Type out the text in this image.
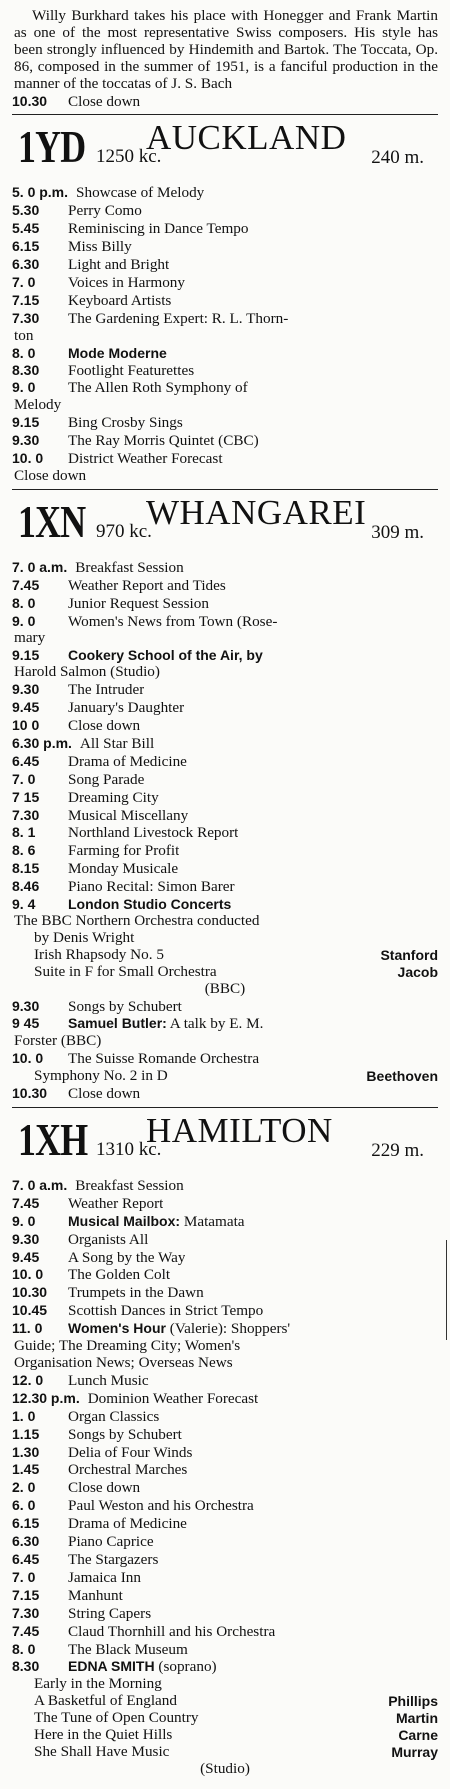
Willy Burkhard takes his place with Honegger and Frank Martin as one of the most representative Swiss composers. His style has been strongly influenced by Hindemith and Bartok. The Toccata, Op. 86, composed in the summer of 1951, is a fanciful production in the manner of the toccatas of J. S. Bach

10.30	Close down
1YD 1250 kc.
AUCKLAND
240 m.
5. 0 p.m. Showcase of Melody
5.30	Perry Como
5.45	Reminiscing in Dance Tempo
6.15	Miss Billy
6.30	Light and Bright
7. 0	Voices in Harmony
7.15	Keyboard Artists
7.30	The Gardening Expert: R. L. Thorn-
ton
8. 0	Mode Moderne
8.30	Footlight Featurettes
9. 0	The Allen Roth Symphony of
Melody
9.15	Bing Crosby Sings
9.30	The Ray Morris Quintet (CBC)
10. 0	District Weather Forecast
Close down
1XN 970 kc.
WHANGAREI
309 m.
7. 0 a.m. Breakfast Session
7.45	Weather Report and Tides
8. 0	Junior Request Session
9. 0	Women's News from Town (Rose-
mary
9.15	Cookery School of the Air, by
Harold Salmon (Studio)
9.30	The Intruder
9.45	January's Daughter
10 0	Close down
6.30 p.m. All Star Bill
6.45	Drama of Medicine
7. 0	Song Parade
7 15	Dreaming City
7.30	Musical Miscellany
8. 1	Northland Livestock Report
8. 6	Farming for Profit
8.15	Monday Musicale
8.46	Piano Recital: Simon Barer
9. 4	London Studio Concerts
The BBC Northern Orchestra conducted
by Denis Wright
Irish Rhapsody No. 5	Stanford
Suite in F for Small Orchestra	Jacob
(BBC)
9.30	Songs by Schubert
9 45	Samuel Butler: A talk by E. M.
Forster (BBC)
10. 0	The Suisse Romande Orchestra
Symphony No. 2 in D	Beethoven
10.30	Close down
1XH 1310 kc.
HAMILTON
229 m.
7. 0 a.m. Breakfast Session
7.45	Weather Report
9. 0	Musical Mailbox: Matamata
9.30	Organists All
9.45	A Song by the Way
10. 0	The Golden Colt
10.30	Trumpets in the Dawn
10.45	Scottish Dances in Strict Tempo
11. 0	Women's Hour (Valerie): Shoppers'
Guide; The Dreaming City; Women's
Organisation News; Overseas News
12. 0	Lunch Music
12.30 p.m. Dominion Weather Forecast
1. 0	Organ Classics
1.15	Songs by Schubert
1.30	Delia of Four Winds
1.45	Orchestral Marches
2. 0	Close down
6. 0	Paul Weston and his Orchestra
6.15	Drama of Medicine
6.30	Piano Caprice
6.45	The Stargazers
7. 0	Jamaica Inn
7.15	Manhunt
7.30	String Capers
7.45	Claud Thornhill and his Orchestra
8. 0	The Black Museum
8.30	EDNA SMITH (soprano)
Early in the Morning
A Basketful of England	Phillips
The Tune of Open Country	Martin
Here in the Quiet Hills	Carne
She Shall Have Music	Murray
(Studio)
